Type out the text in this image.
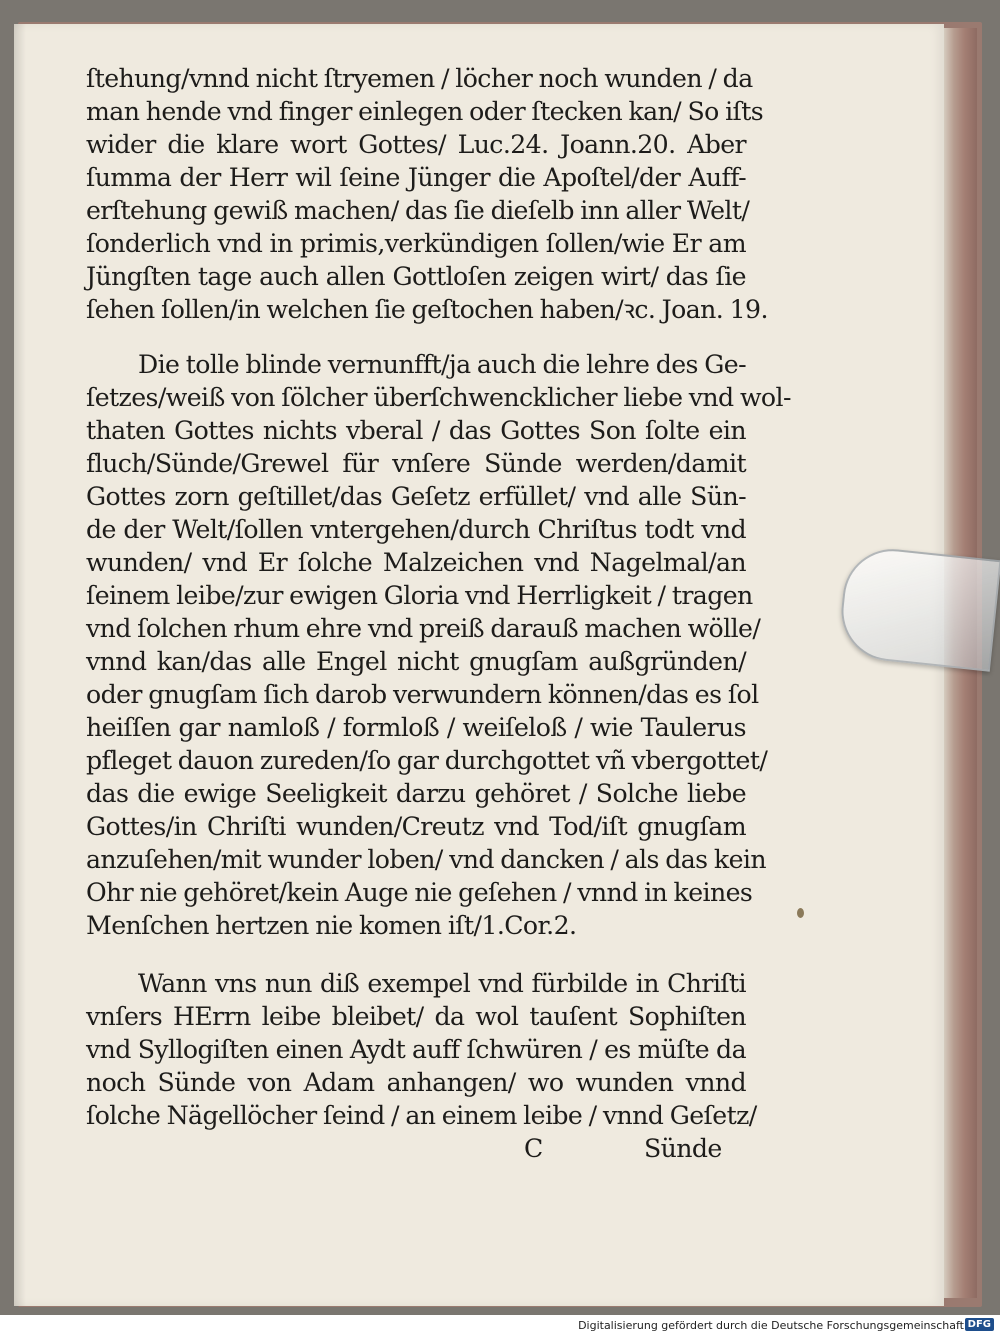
ſtehung/vnnd nicht ſtryemen / löcher noch wunden / da
man hende vnd finger einlegen oder ſtecken kan/ So iſts
wider die klare wort Gottes/ Luc.24. Joann.20. Aber
ſumma der Herr wil ſeine Jünger die Apoſtel/der Auff-
erſtehung gewiß machen/ das ſie dieſelb inn aller Welt/
ſonderlich vnd in primis,verkündigen ſollen/wie Er am
Jüngſten tage auch allen Gottloſen zeigen wirt/ das ſie
ſehen ſollen/in welchen ſie geſtochen haben/ꝛc. Joan. 19.
Die tolle blinde vernunfft/ja auch die lehre des Ge-
ſetzes/weiß von ſölcher überſchwencklicher liebe vnd wol-
thaten Gottes nichts vberal / das Gottes Son ſolte ein
fluch/Sünde/Grewel für vnſere Sünde werden/damit
Gottes zorn geſtillet/das Geſetz erfüllet/ vnd alle Sün-
de der Welt/ſollen vntergehen/durch Chriſtus todt vnd
wunden/ vnd Er ſolche Malzeichen vnd Nagelmal/an
ſeinem leibe/zur ewigen Gloria vnd Herrligkeit / tragen
vnd ſolchen rhum ehre vnd preiß darauß machen wölle/
vnnd kan/das alle Engel nicht gnugſam außgründen/
oder gnugſam ſich darob verwundern können/das es ſol
heiſſen gar namloß / formloß / weiſeloß / wie Taulerus
pfleget dauon zureden/ſo gar durchgottet vñ vbergottet/
das die ewige Seeligkeit darzu gehöret / Solche liebe
Gottes/in Chriſti wunden/Creutz vnd Tod/iſt gnugſam
anzuſehen/mit wunder loben/ vnd dancken / als das kein
Ohr nie gehöret/kein Auge nie geſehen / vnnd in keines
Menſchen hertzen nie komen iſt/1.Cor.2.
Wann vns nun diß exempel vnd fürbilde in Chriſti
vnſers HErrn leibe bleibet/ da wol tauſent Sophiſten
vnd Syllogiſten einen Aydt auff ſchwüren / es müſte da
noch Sünde von Adam anhangen/ wo wunden vnnd
ſolche Nägellöcher ſeind / an einem leibe / vnnd Geſetz/
C	Sünde
Digitalisierung gefördert durch die Deutsche Forschungsgemeinschaft DFG
